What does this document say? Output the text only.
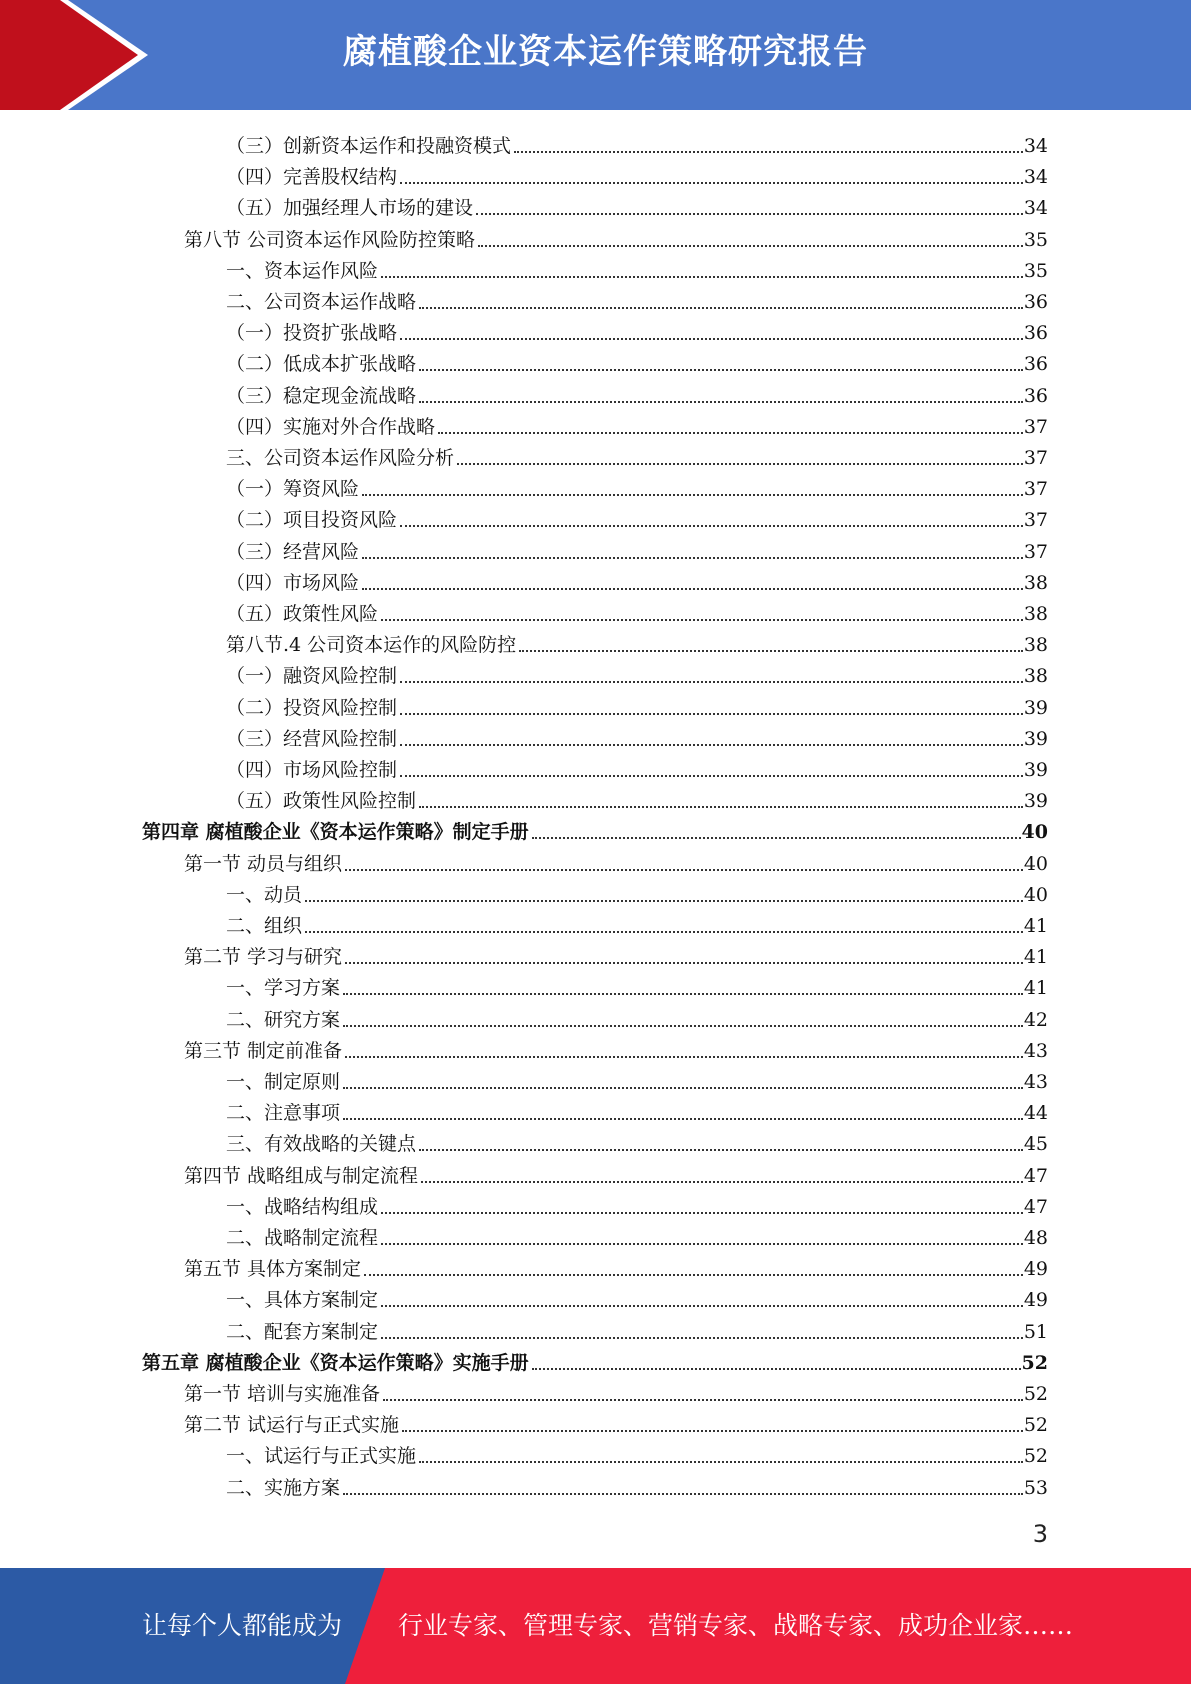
腐植酸企业资本运作策略研究报告
（三）创新资本运作和投融资模式	34
（四）完善股权结构	34
（五）加强经理人市场的建设	34
第八节 公司资本运作风险防控策略	35
一、资本运作风险	35
二、公司资本运作战略	36
（一）投资扩张战略	36
（二）低成本扩张战略	36
（三）稳定现金流战略	36
（四）实施对外合作战略	37
三、公司资本运作风险分析	37
（一）筹资风险	37
（二）项目投资风险	37
（三）经营风险	37
（四）市场风险	38
（五）政策性风险	38
第八节.4 公司资本运作的风险防控	38
（一）融资风险控制	38
（二）投资风险控制	39
（三）经营风险控制	39
（四）市场风险控制	39
（五）政策性风险控制	39
第四章 腐植酸企业《资本运作策略》制定手册	40
第一节 动员与组织	40
一、动员	40
二、组织	41
第二节 学习与研究	41
一、学习方案	41
二、研究方案	42
第三节 制定前准备	43
一、制定原则	43
二、注意事项	44
三、有效战略的关键点	45
第四节 战略组成与制定流程	47
一、战略结构组成	47
二、战略制定流程	48
第五节 具体方案制定	49
一、具体方案制定	49
二、配套方案制定	51
第五章 腐植酸企业《资本运作策略》实施手册	52
第一节 培训与实施准备	52
第二节 试运行与正式实施	52
一、试运行与正式实施	52
二、实施方案	53
3
让每个人都能成为 行业专家、管理专家、营销专家、战略专家、成功企业家……
